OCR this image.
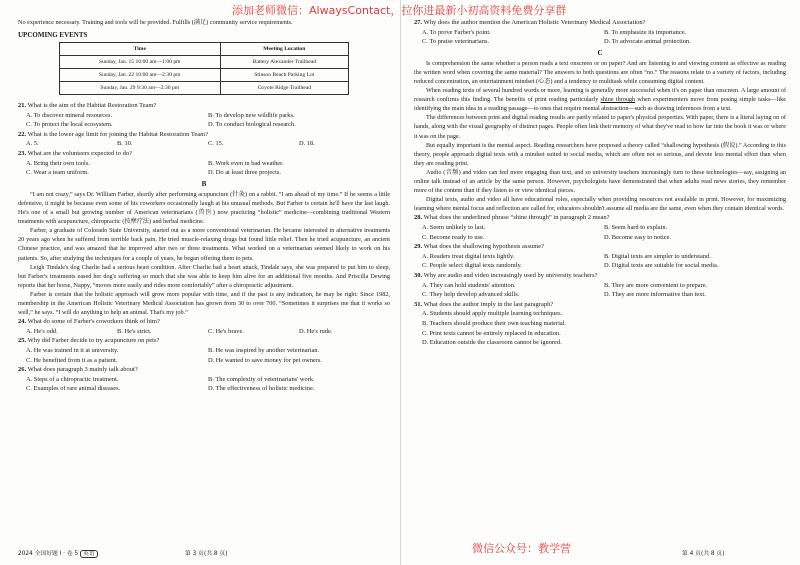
No experience necessary. Training and tools will be provided. Fulfills (满足) community service requirements.

UPCOMING EVENTS
Time	Meeting Location
Sunday, Jan. 15 10:00 am—1:00 pm	Battery Alexander Trailhead
Sunday, Jan. 22 10:00 am—2:30 pm	Stinson Beach Parking Lot
Sunday, Jan. 29 9:30 am—2:30 pm	Coyote Ridge Trailhead

21. What is the aim of the Habitat Restoration Team?

A. To discover mineral resources.	B. To develop new wildlife parks.
C. To protect the local ecosystem.	D. To conduct biological research.

22. What is the lower age limit for joining the Habitat Restoration Team?

A. 5.	B. 10.	C. 15.	D. 18.

23. What are the volunteers expected to do?

A. Bring their own tools.	B. Work even in bad weather.
C. Wear a team uniform.	D. Do at least three projects.
B

“I am not crazy,” says Dr. William Farber, shortly after performing acupuncture (针灸) on a rabbit. “I am ahead of my time.” If he seems a little defensive, it might be because even some of his coworkers occasionally laugh at his unusual methods. But Farber is certain he'll have the last laugh. He's one of a small but growing number of American veterinarians (兽医) now practicing “holistic” medicine—combining traditional Western treatments with acupuncture, chiropractic (按摩疗法) and herbal medicine.

Farber, a graduate of Colorado State University, started out as a more conventional veterinarian. He became interested in alternative treatments 20 years ago when he suffered from terrible back pain. He tried muscle-relaxing drugs but found little relief. Then he tried acupuncture, an ancient Chinese practice, and was amazed that he improved after two or three treatments. What worked on a veterinarian seemed likely to work on his patients. So, after studying the techniques for a couple of years, he began offering them to pets.

Leigh Tindale's dog Charlie had a serious heart condition. After Charlie had a heart attack, Tindale says, she was prepared to put him to sleep, but Farber's treatments eased her dog's suffering so much that she was able to keep him alive for an additional five months. And Priscilla Dewing reports that her horse, Nappy, “moves more easily and rides more comfortably” after a chiropractic adjustment.

Farber is certain that the holistic approach will grow more popular with time, and if the past is any indication, he may be right: Since 1982, membership in the American Holistic Veterinary Medical Association has grown from 30 to over 700. “Sometimes it surprises me that it works so well,” he says. “I will do anything to help an animal. That's my job.”

24. What do some of Farber's coworkers think of him?

A. He's odd.	B. He's strict.	C. He's brave.	D. He's rude.

25. Why did Farber decide to try acupuncture on pets?

A. He was trained in it at university.	B. He was inspired by another veterinarian.
C. He benefited from it as a patient.	D. He wanted to save money for pet owners.

26. What does paragraph 3 mainly talk about?

A. Steps of a chiropractic treatment.	B. The complexity of veterinarians' work.
C. Examples of rare animal diseases.	D. The effectiveness of holistic medicine.

27. Why does the author mention the American Holistic Veterinary Medical Association?

A. To prove Farber's point.	B. To emphasize its importance.
C. To praise veterinarians.	D. To advocate animal protection.
C

Is comprehension the same whether a person reads a text onscreen or on paper? And are listening to and viewing content as effective as reading the written word when covering the same material? The answers to both questions are often “no.” The reasons relate to a variety of factors, including reduced concentration, an entertainment mindset (心态) and a tendency to multitask while consuming digital content.

When reading texts of several hundred words or more, learning is generally more successful when it's on paper than onscreen. A large amount of research confirms this finding. The benefits of print reading particularly shine through when experimenters move from posing simple tasks—like identifying the main idea in a reading passage—to ones that require mental abstraction—such as drawing inferences from a text.

The differences between print and digital reading results are partly related to paper's physical properties. With paper, there is a literal laying on of hands, along with the visual geography of distinct pages. People often link their memory of what they've read to how far into the book it was or where it was on the page.

But equally important is the mental aspect. Reading researchers have proposed a theory called “shallowing hypothesis (假说).” According to this theory, people approach digital texts with a mindset suited to social media, which are often not so serious, and devote less mental effort than when they are reading print.

Audio (音频) and video can feel more engaging than text, and so university teachers increasingly turn to these technologies—say, assigning an online talk instead of an article by the same person. However, psychologists have demonstrated that when adults read news stories, they remember more of the content than if they listen to or view identical pieces.

Digital texts, audio and video all have educational roles, especially when providing resources not available in print. However, for maximizing learning where mental focus and reflection are called for, educators shouldn't assume all media are the same, even when they contain identical words.

28. What does the underlined phrase “shine through” in paragraph 2 mean?

A. Seem unlikely to last.	B. Seem hard to explain.
C. Become ready to use.	D. Become easy to notice.

29. What does the shallowing hypothesis assume?

A. Readers treat digital texts lightly.	B. Digital texts are simpler to understand.
C. People select digital texts randomly.	D. Digital texts are suitable for social media.

30. Why are audio and video increasingly used by university teachers?

A. They can hold students' attention.	B. They are more convenient to prepare.
C. They help develop advanced skills.	D. They are more informative than text.

31. What does the author imply in the last paragraph?

A. Students should apply multiple learning techniques.
B. Teachers should produce their own teaching material.
C. Print texts cannot be entirely replaced in education.
D. Education outside the classroom cannot be ignored.
添加老师微信：AlwaysContact，拉你进最新小初高资料免费分享群
微信公众号：教学营
2024 全国好题 I · 卷 5 英语	第 3 页(共 8 页)	第 4 页(共 8 页)
